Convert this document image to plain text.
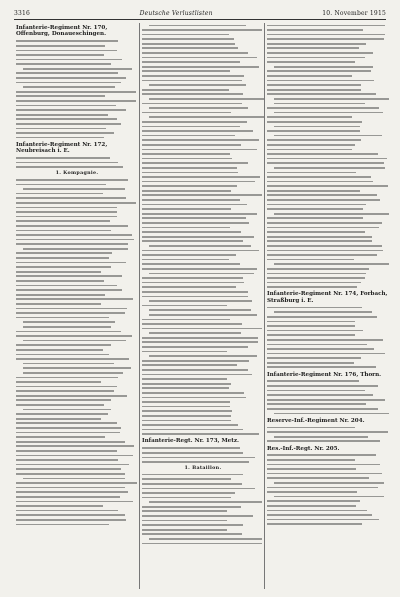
3316	Deutsche Verlustlisten	10. November 1915
Infanterie-Regiment Nr. 170, Offenburg, Donaueschingen.
Infanterie-Regiment Nr. 172, Neubreisach i. E.
1. Kompagnie.
Infanterie-Regt. Nr. 173, Metz.
1. Bataillon.
Infanterie-Regiment Nr. 174, Forbach, Straßburg i. E.
Infanterie-Regiment Nr. 176, Thorn.
Reserve-Inf.-Regiment Nr. 204.
Res.-Inf.-Regt. Nr. 205.
